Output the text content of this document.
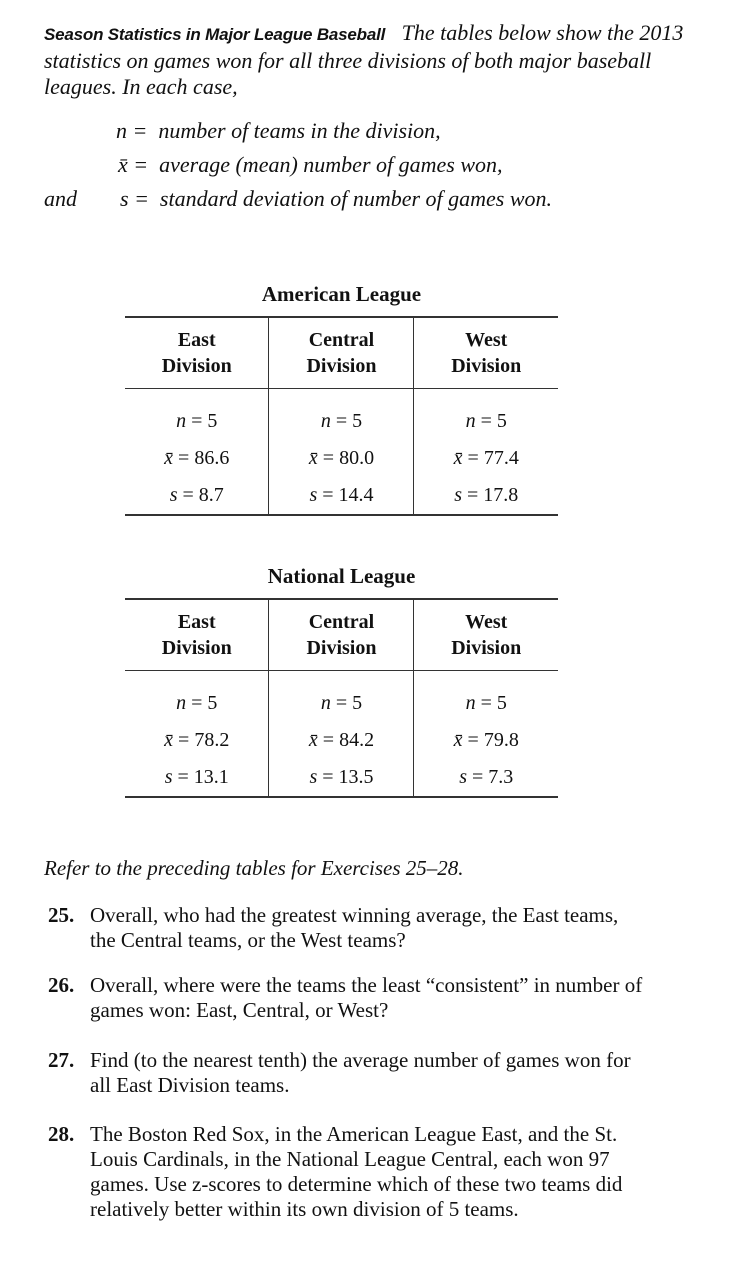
Season Statistics in Major League Baseball The tables below show the 2013 statistics on games won for all three divisions of both major baseball leagues. In each case,
n =  number of teams in the division,
x̄ =  average (mean) number of games won,
and s =  standard deviation of number of games won.
American League
East
Division	Central
Division	West
Division

n = 5
x̄ = 86.6
s = 8.7	n = 5
x̄ = 80.0
s = 14.4	n = 5
x̄ = 77.4
s = 17.8
National League
East
Division	Central
Division	West
Division

n = 5
x̄ = 78.2
s = 13.1	n = 5
x̄ = 84.2
s = 13.5	n = 5
x̄ = 79.8
s = 7.3
Refer to the preceding tables for Exercises 25–28.
25. Overall, who had the greatest winning average, the East teams, the Central teams, or the West teams?
26. Overall, where were the teams the least “consistent” in number of games won: East, Central, or West?
27. Find (to the nearest tenth) the average number of games won for all East Division teams.
28. The Boston Red Sox, in the American League East, and the St. Louis Cardinals, in the National League Central, each won 97 games. Use z-scores to determine which of these two teams did relatively better within its own division of 5 teams.
